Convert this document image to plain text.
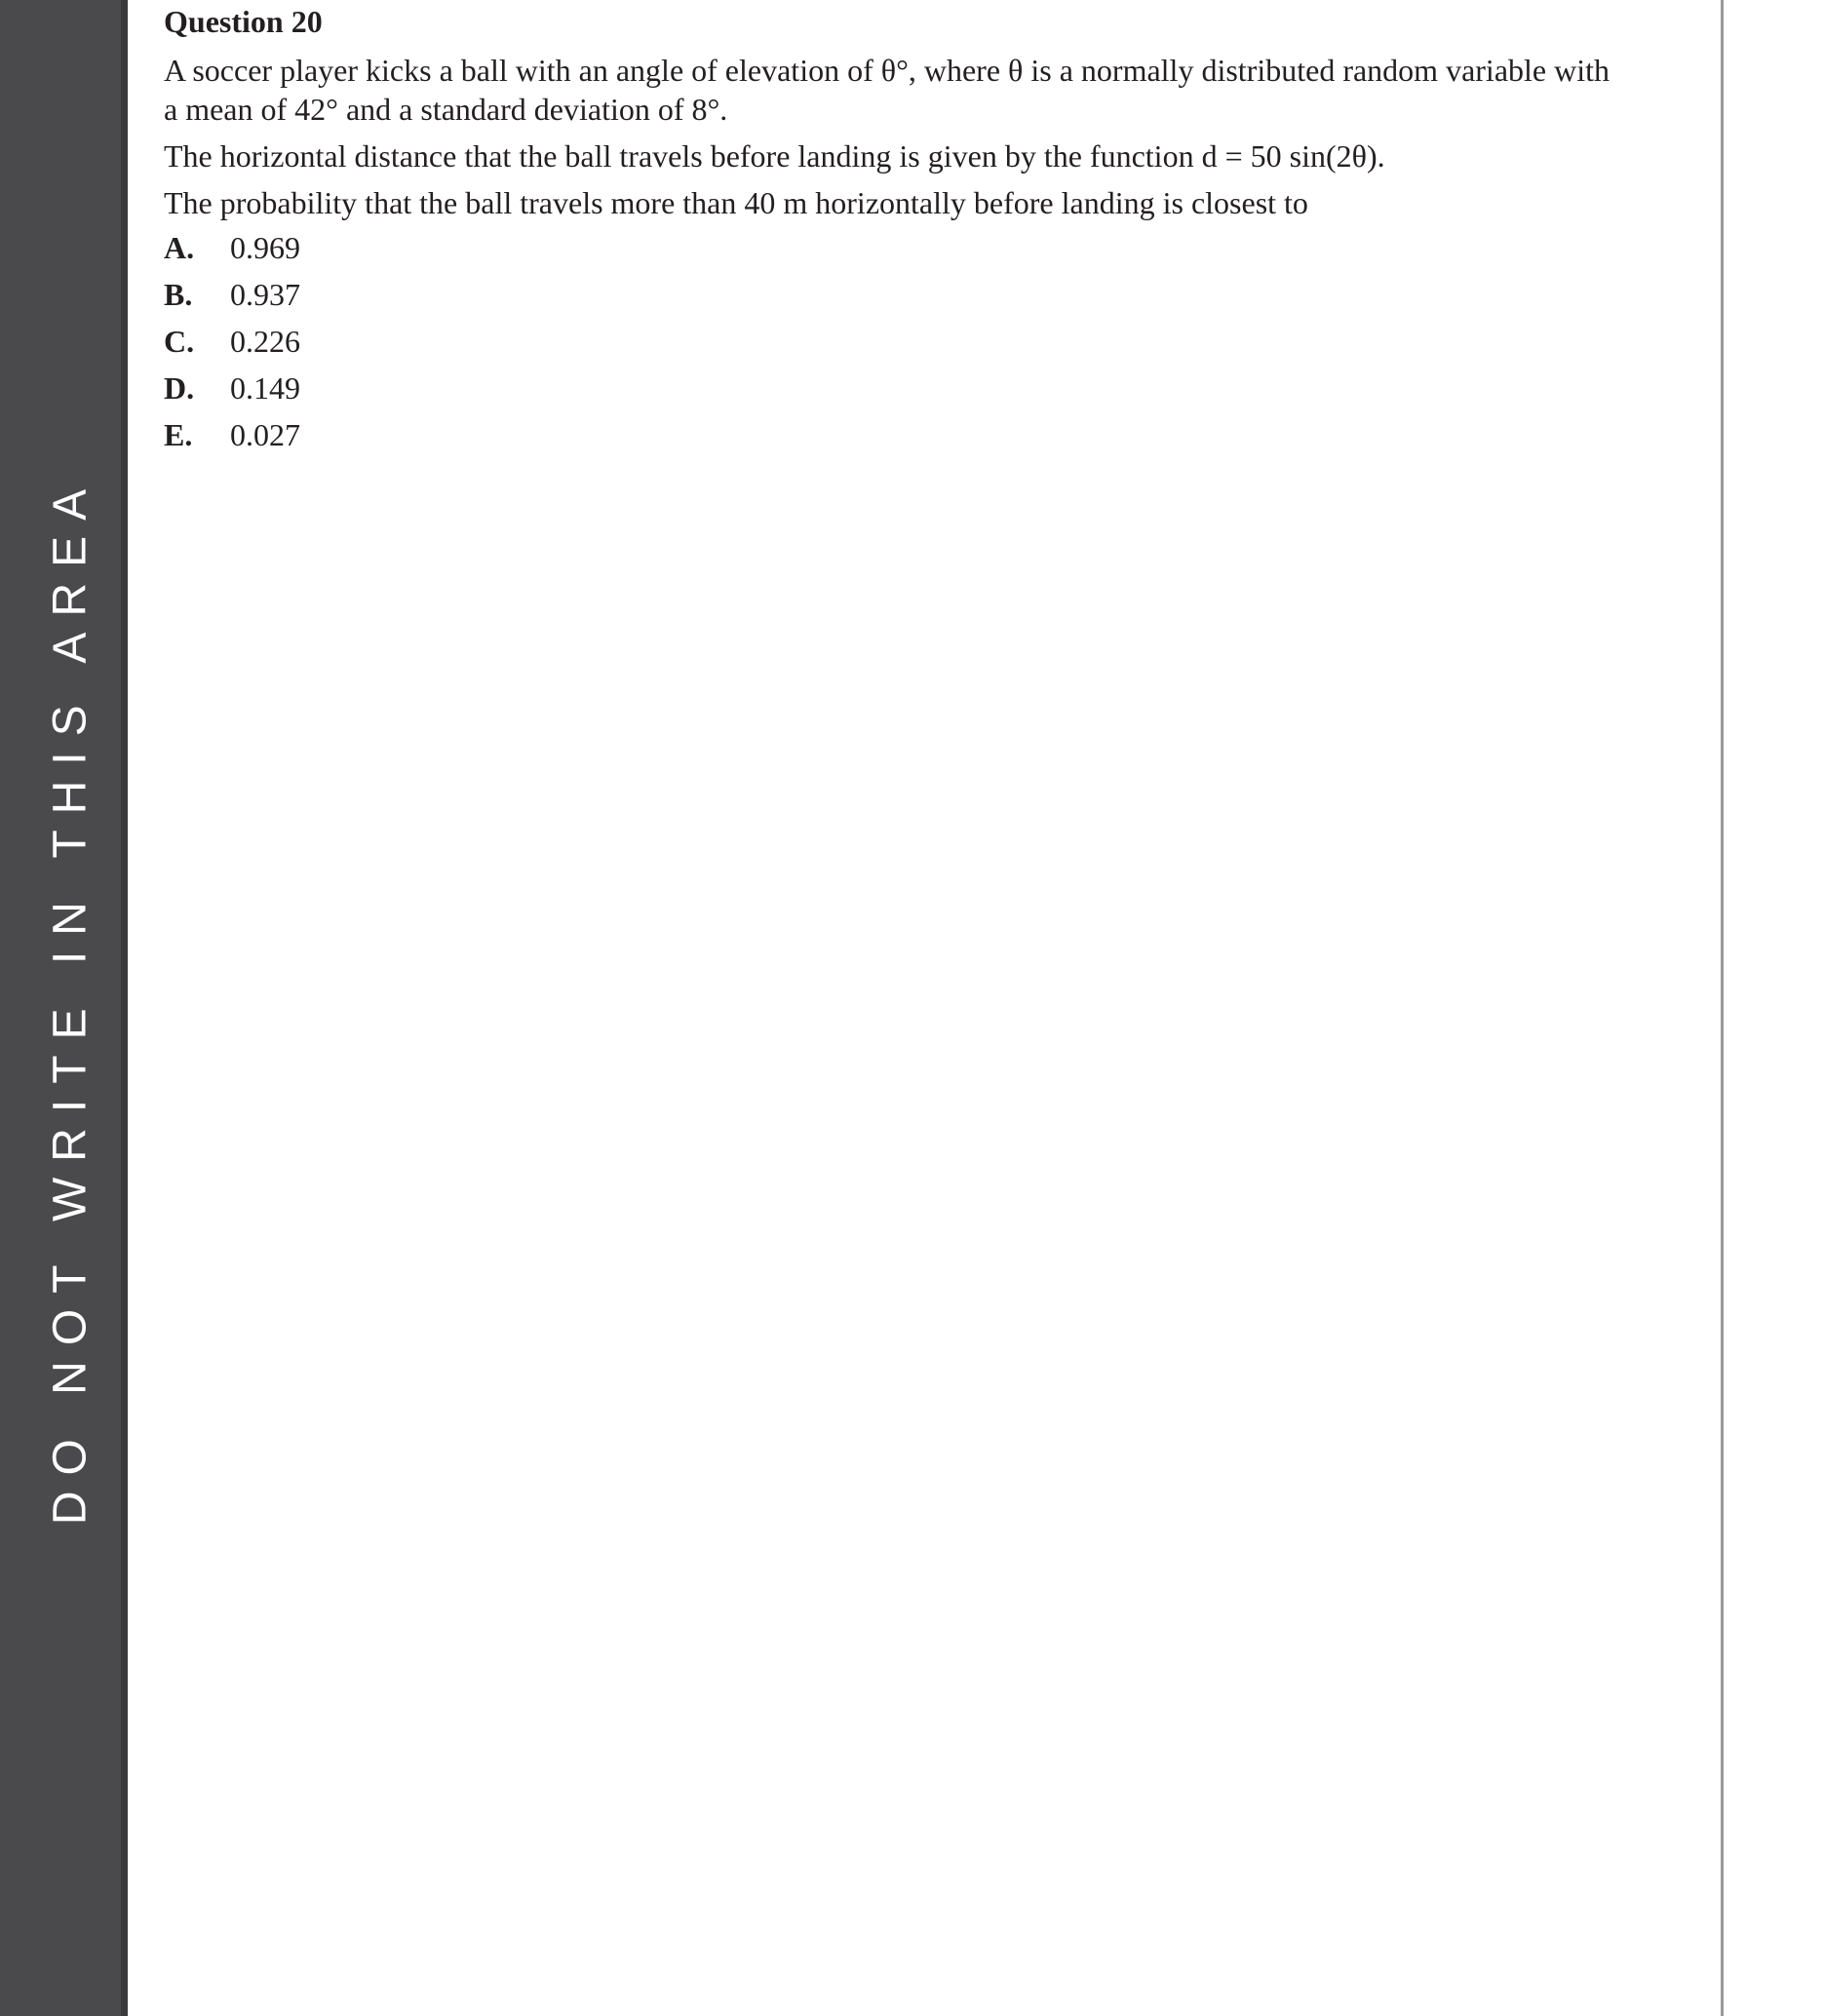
DO NOT WRITE IN THIS AREA
Question 20
A soccer player kicks a ball with an angle of elevation of θ°, where θ is a normally distributed random variable with
a mean of 42° and a standard deviation of 8°.
The horizontal distance that the ball travels before landing is given by the function d = 50 sin(2θ).
The probability that the ball travels more than 40 m horizontally before landing is closest to
A. 0.969
B. 0.937
C. 0.226
D. 0.149
E. 0.027
